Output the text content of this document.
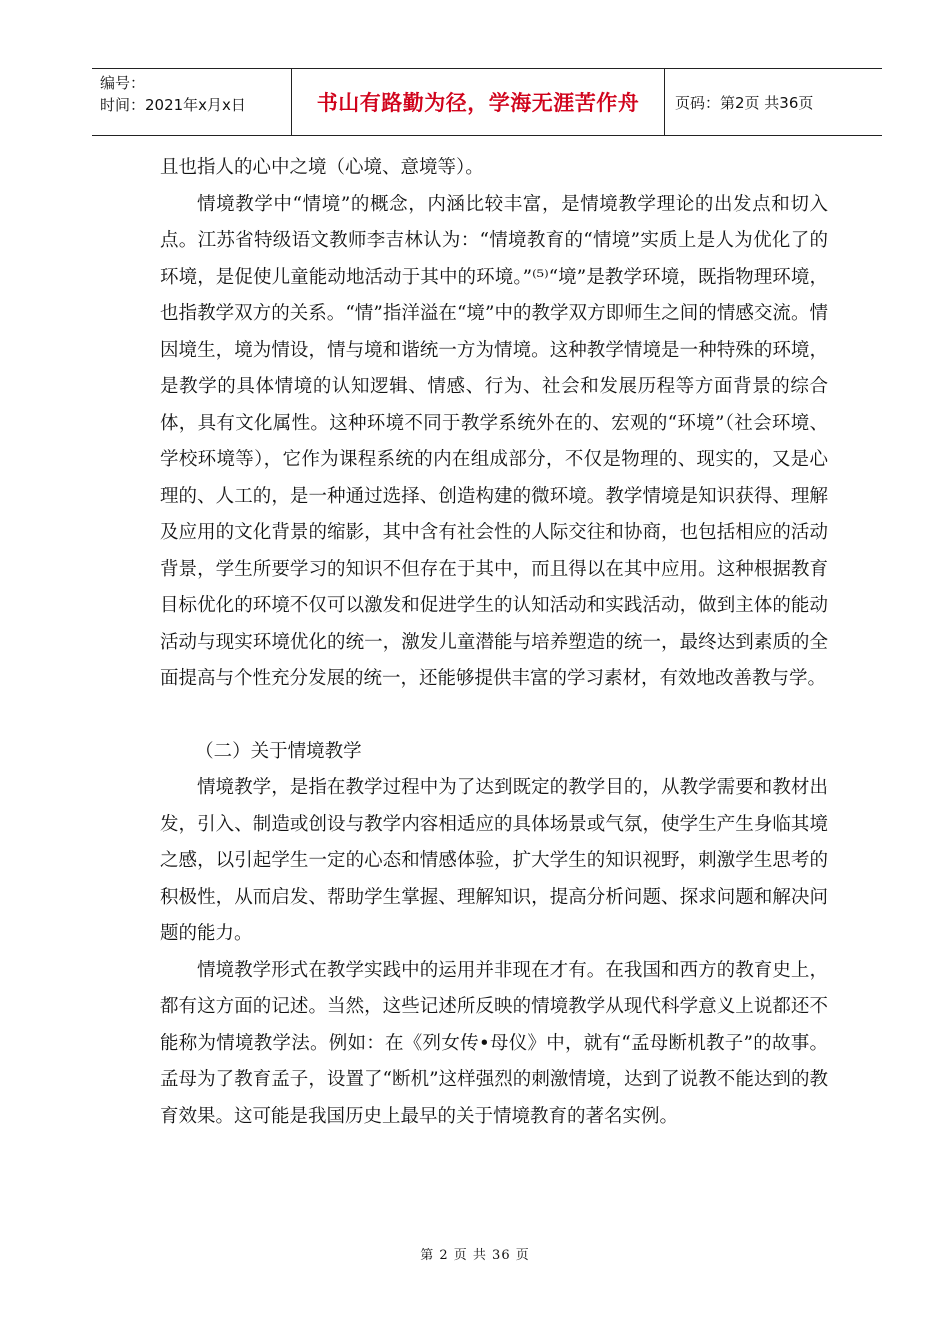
编号：
时间：2021年x月x日	书山有路勤为径，学海无涯苦作舟	页码：第2页 共36页

且也指人的心中之境（心境、意境等）。

情境教学中“情境”的概念，内涵比较丰富，是情境教学理论的出发点和切入点。江苏省特级语文教师李吉林认为：“情境教育的“情境”实质上是人为优化了的环境，是促使儿童能动地活动于其中的环境。”⁽⁵⁾“境”是教学环境，既指物理环境，也指教学双方的关系。“情”指洋溢在“境”中的教学双方即师生之间的情感交流。情因境生，境为情设，情与境和谐统一方为情境。这种教学情境是一种特殊的环境，是教学的具体情境的认知逻辑、情感、行为、社会和发展历程等方面背景的综合体，具有文化属性。这种环境不同于教学系统外在的、宏观的“环境”（社会环境、学校环境等），它作为课程系统的内在组成部分，不仅是物理的、现实的，又是心理的、人工的，是一种通过选择、创造构建的微环境。教学情境是知识获得、理解及应用的文化背景的缩影，其中含有社会性的人际交往和协商，也包括相应的活动背景，学生所要学习的知识不但存在于其中，而且得以在其中应用。这种根据教育目标优化的环境不仅可以激发和促进学生的认知活动和实践活动，做到主体的能动活动与现实环境优化的统一，激发儿童潜能与培养塑造的统一，最终达到素质的全面提高与个性充分发展的统一，还能够提供丰富的学习素材，有效地改善教与学。

（二）关于情境教学

情境教学，是指在教学过程中为了达到既定的教学目的，从教学需要和教材出发，引入、制造或创设与教学内容相适应的具体场景或气氛，使学生产生身临其境之感，以引起学生一定的心态和情感体验，扩大学生的知识视野，刺激学生思考的积极性，从而启发、帮助学生掌握、理解知识，提高分析问题、探求问题和解决问题的能力。

情境教学形式在教学实践中的运用并非现在才有。在我国和西方的教育史上，都有这方面的记述。当然，这些记述所反映的情境教学从现代科学意义上说都还不能称为情境教学法。例如：在《列女传•母仪》中，就有“孟母断机教子”的故事。孟母为了教育孟子，设置了“断机”这样强烈的刺激情境，达到了说教不能达到的教育效果。这可能是我国历史上最早的关于情境教育的著名实例。

第 2 页 共 36 页
